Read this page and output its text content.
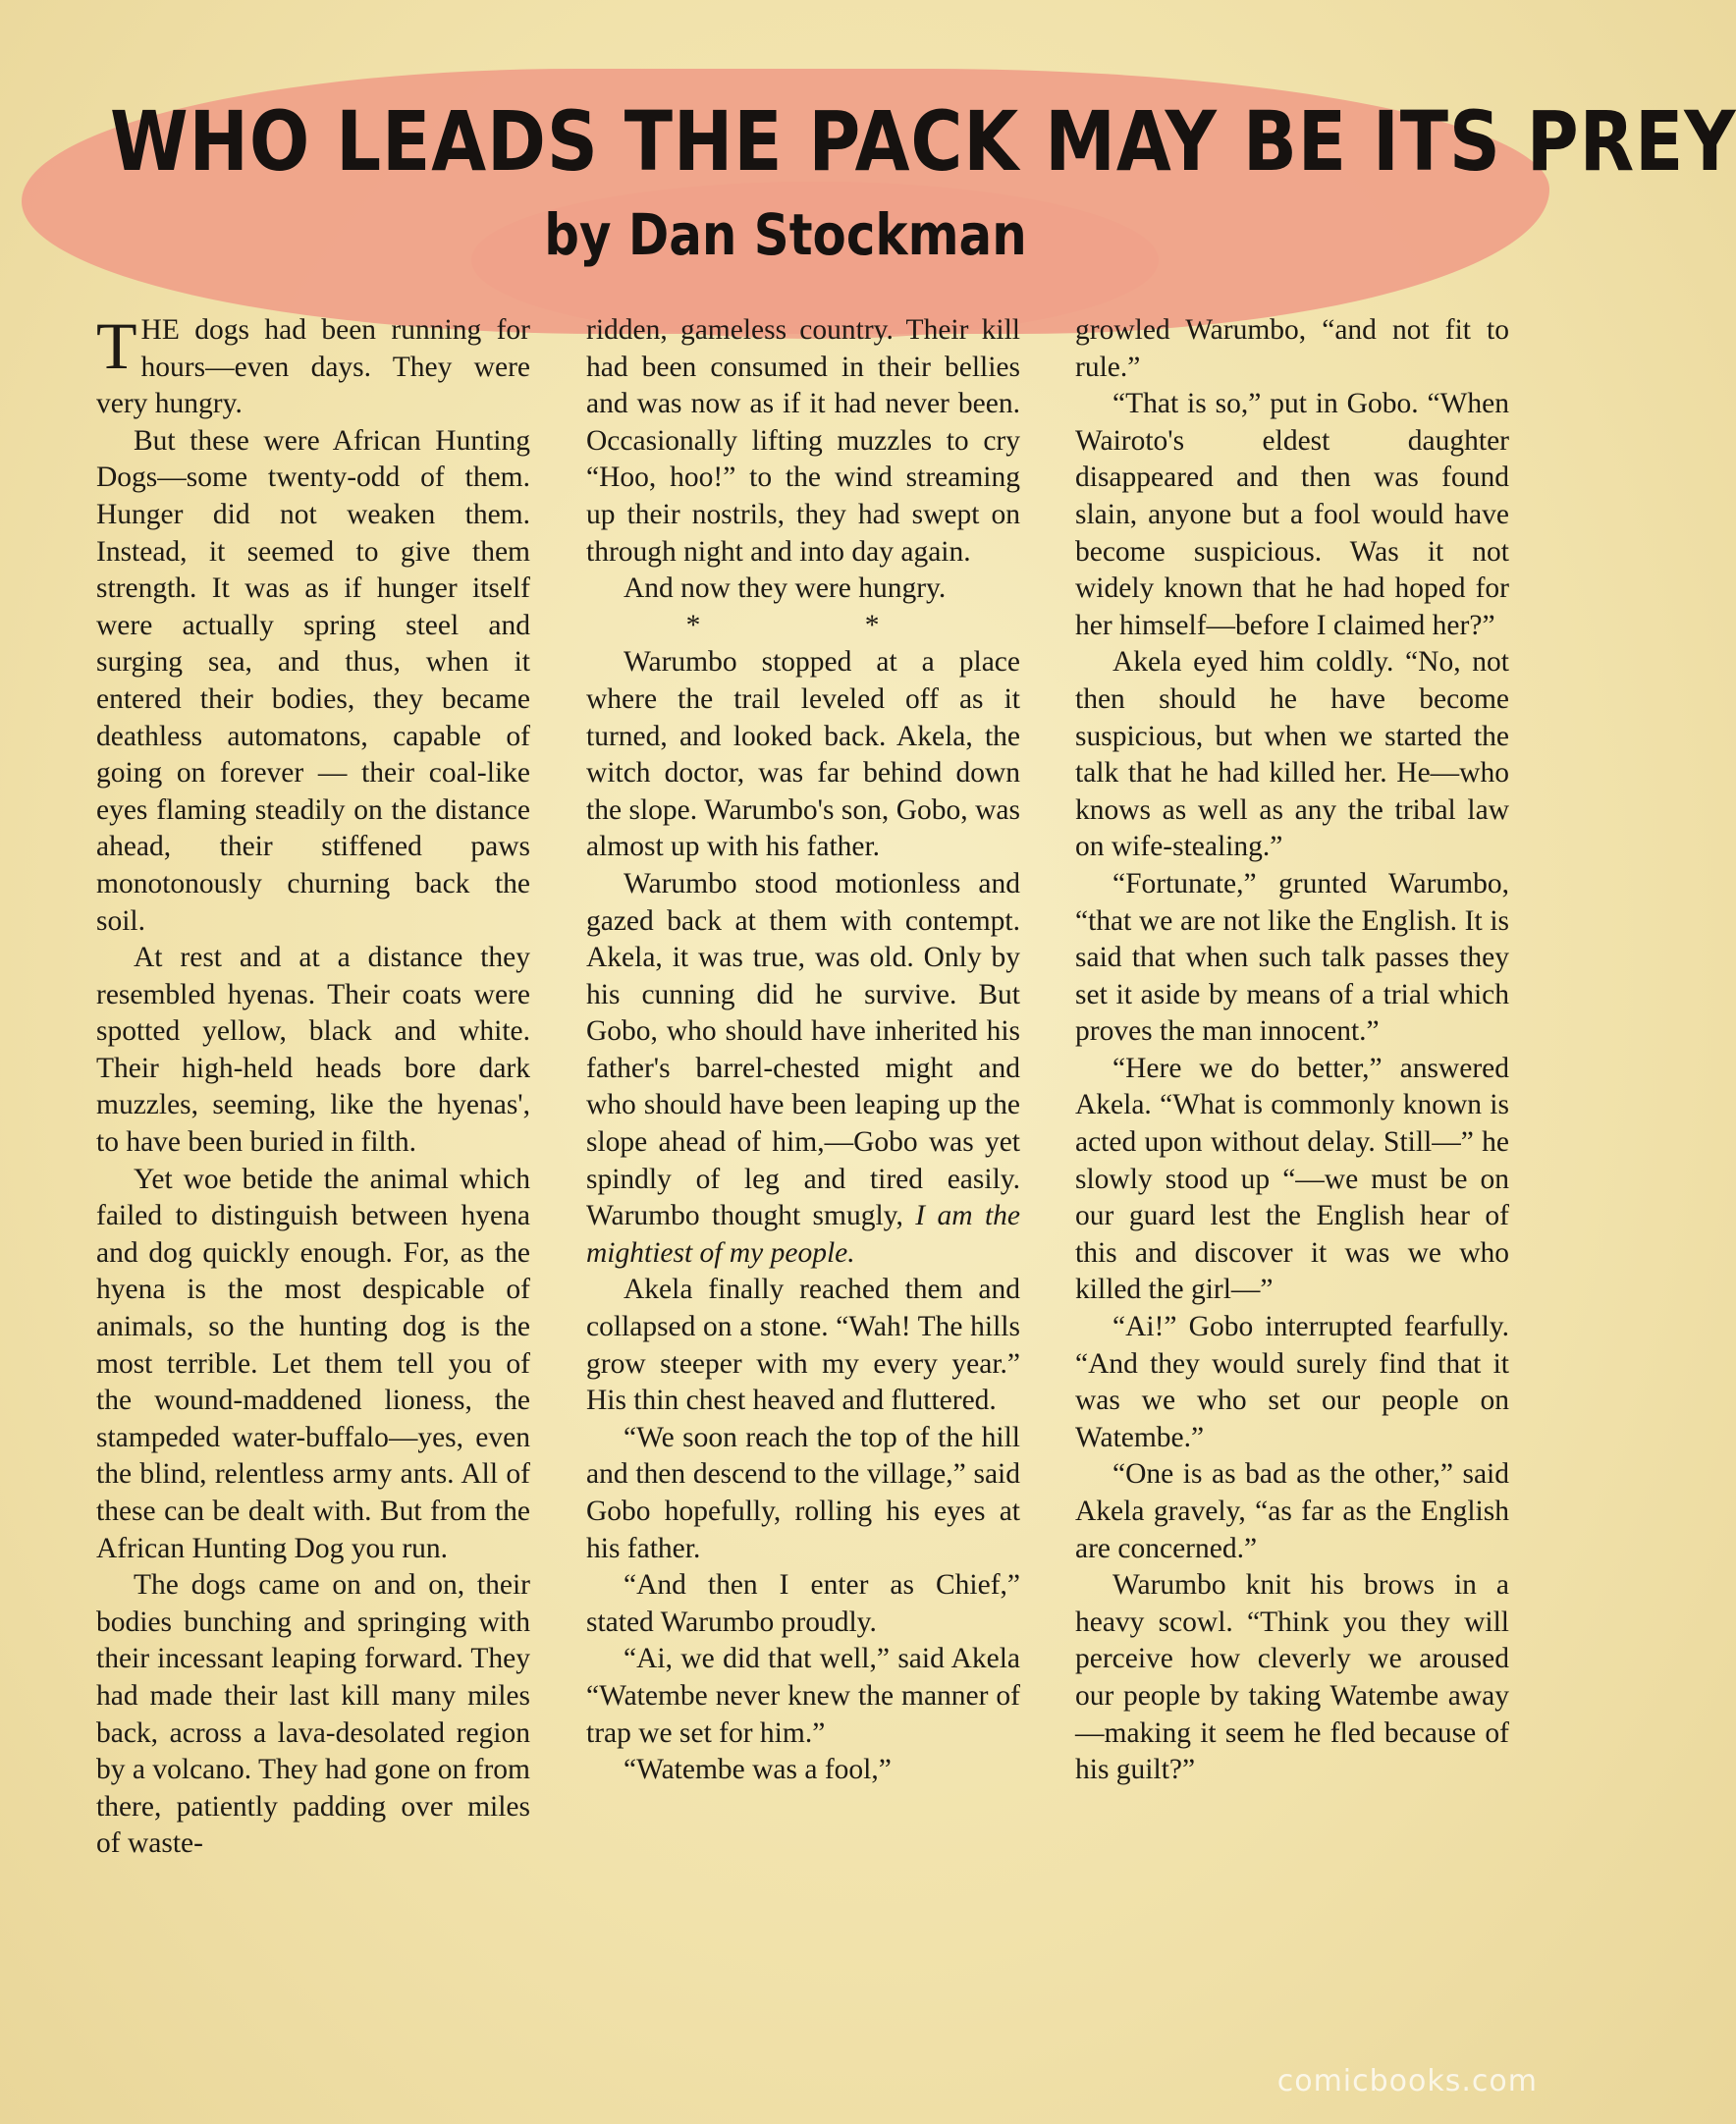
WHO LEADS THE PACK MAY BE ITS PREY
by Dan Stockman

THE dogs had been running for hours—even days. They were very hungry.

But these were African Hunting Dogs—some twenty-odd of them. Hunger did not weaken them. Instead, it seemed to give them strength. It was as if hunger itself were actually spring steel and surging sea, and thus, when it entered their bodies, they became deathless automatons, capable of going on forever — their coal-like eyes flaming steadily on the distance ahead, their stiffened paws monotonously churning back the soil.

At rest and at a distance they resembled hyenas. Their coats were spotted yellow, black and white. Their high-held heads bore dark muzzles, seeming, like the hyenas', to have been buried in filth.

Yet woe betide the animal which failed to distinguish between hyena and dog quickly enough. For, as the hyena is the most despicable of animals, so the hunting dog is the most terrible. Let them tell you of the wound-maddened lioness, the stampeded water-buffalo—yes, even the blind, relentless army ants. All of these can be dealt with. But from the African Hunting Dog you run.

The dogs came on and on, their bodies bunching and springing with their incessant leaping forward. They had made their last kill many miles back, across a lava-desolated region by a volcano. They had gone on from there, patiently padding over miles of waste-

ridden, gameless country. Their kill had been consumed in their bellies and was now as if it had never been. Occasionally lifting muzzles to cry “Hoo, hoo!” to the wind streaming up their nostrils, they had swept on through night and into day again.

And now they were hungry.

* *

Warumbo stopped at a place where the trail leveled off as it turned, and looked back. Akela, the witch doctor, was far behind down the slope. Warumbo's son, Gobo, was almost up with his father.

Warumbo stood motionless and gazed back at them with contempt. Akela, it was true, was old. Only by his cunning did he survive. But Gobo, who should have inherited his father's barrel-chested might and who should have been leaping up the slope ahead of him,—Gobo was yet spindly of leg and tired easily. Warumbo thought smugly, I am the mightiest of my people.

Akela finally reached them and collapsed on a stone. “Wah! The hills grow steeper with my every year.” His thin chest heaved and fluttered.

“We soon reach the top of the hill and then descend to the village,” said Gobo hopefully, rolling his eyes at his father.

“And then I enter as Chief,” stated Warumbo proudly.

“Ai, we did that well,” said Akela “Watembe never knew the manner of trap we set for him.”

“Watembe was a fool,”

growled Warumbo, “and not fit to rule.”

“That is so,” put in Gobo. “When Wairoto's eldest daughter disappeared and then was found slain, anyone but a fool would have become suspicious. Was it not widely known that he had hoped for her himself—before I claimed her?”

Akela eyed him coldly. “No, not then should he have become suspicious, but when we started the talk that he had killed her. He—who knows as well as any the tribal law on wife-stealing.”

“Fortunate,” grunted Warumbo, “that we are not like the English. It is said that when such talk passes they set it aside by means of a trial which proves the man innocent.”

“Here we do better,” answered Akela. “What is commonly known is acted upon without delay. Still—” he slowly stood up “—we must be on our guard lest the English hear of this and discover it was we who killed the girl—”

“Ai!” Gobo interrupted fearfully. “And they would surely find that it was we who set our people on Watembe.”

“One is as bad as the other,” said Akela gravely, “as far as the English are concerned.”

Warumbo knit his brows in a heavy scowl. “Think you they will perceive how cleverly we aroused our people by taking Watembe away—making it seem he fled because of his guilt?”

comicbooks.com
